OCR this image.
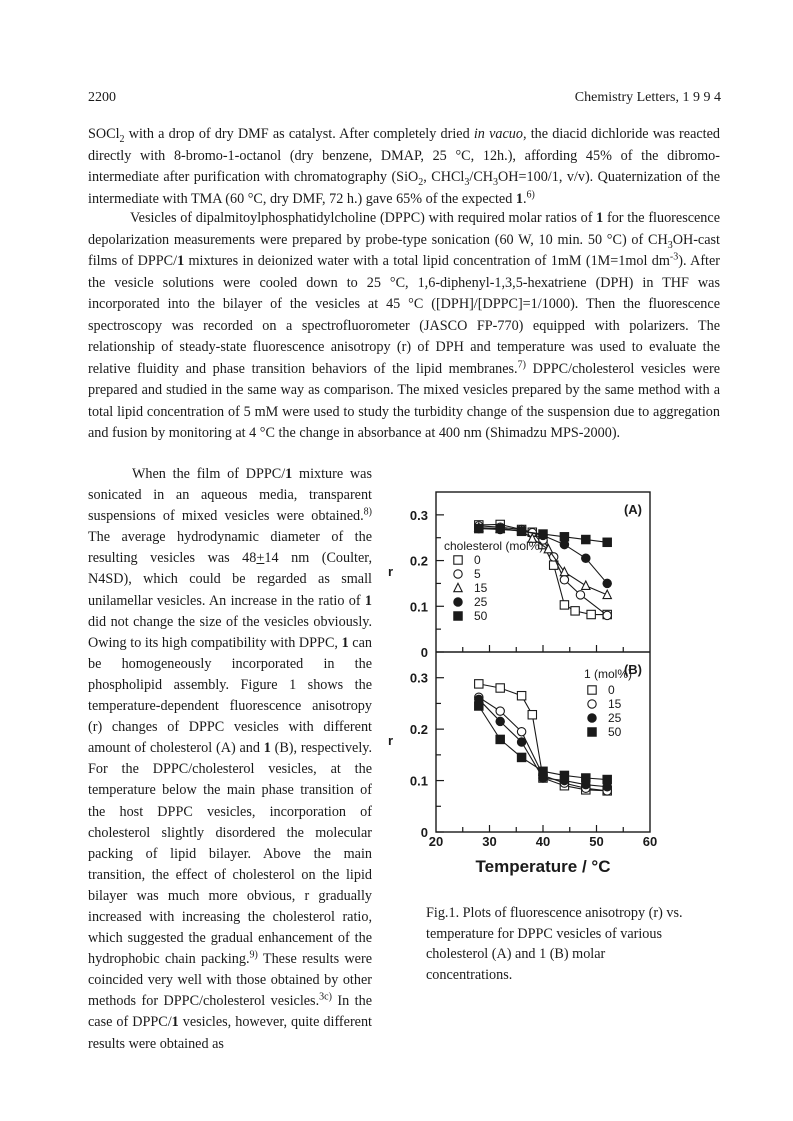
2200	Chemistry Letters, 1 9 9 4

SOCl$_2$ with a drop of dry DMF as catalyst. After completely dried in vacuo, the diacid dichloride was reacted directly with 8-bromo-1-octanol (dry benzene, DMAP, 25 °C, 12h.), affording 45% of the dibromo-intermediate after purification with chromatography (SiO$_2$, $CHCl_3/CH_3OH=100/1$, v/v). Quaternization of the intermediate with TMA (60 °C, dry DMF, 72 h.) gave 65% of the expected 1.$^{6)}$

Vesicles of dipalmitoylphosphatidylcholine (DPPC) with required molar ratios of 1 for the fluorescence depolarization measurements were prepared by probe-type sonication (60 W, 10 min. 50 °C) of $CH_3OH$-cast films of DPPC/1 mixtures in deionized water with a total lipid concentration of 1mM (1M=1mol $dm^{-3}$). After the vesicle solutions were cooled down to 25 °C, 1,6-diphenyl-1,3,5-hexatriene (DPH) in THF was incorporated into the bilayer of the vesicles at 45 °C ([DPH]/[DPPC]=1/1000). Then the fluorescence spectroscopy was recorded on a spectrofluorometer (JASCO FP-770) equipped with polarizers. The relationship of steady-state fluorescence anisotropy (r) of DPH and temperature was used to evaluate the relative fluidity and phase transition behaviors of the lipid membranes.$^{7)}$ DPPC/cholesterol vesicles were prepared and studied in the same way as comparison. The mixed vesicles prepared by the same method with a total lipid concentration of 5 mM were used to study the turbidity change of the suspension due to aggregation and fusion by monitoring at 4 °C the change in absorbance at 400 nm (Shimadzu MPS-2000).

When the film of DPPC/1 mixture was sonicated in an aqueous media, transparent suspensions of mixed vesicles were obtained.$^{8)}$ The average hydrodynamic diameter of the resulting vesicles was 48+14 nm (Coulter, N4SD), which could be regarded as small unilamellar vesicles. An increase in the ratio of 1 did not change the size of the vesicles obviously. Owing to its high compatibility with DPPC, 1 can be homogeneously incorporated in the phospholipid assembly. Figure 1 shows the temperature-dependent fluorescence anisotropy (r) changes of DPPC vesicles with different amount of cholesterol (A) and 1 (B), respectively. For the DPPC/cholesterol vesicles, at the temperature below the main phase transition of the host DPPC vesicles, incorporation of cholesterol slightly disordered the molecular packing of lipid bilayer. Above the main transition, the effect of cholesterol on the lipid bilayer was much more obvious, r gradually increased with increasing the cholesterol ratio, which suggested the gradual enhancement of the hydrophobic chain packing.$^{9)}$ These results were coincided very well with those obtained by other methods for DPPC/cholesterol vesicles.$^{3c)}$ In the case of DPPC/1 vesicles, however, quite different results were obtained as

0
0.1
0.2
0.3
0
0.1
0.2
0.3
20	30	40	50	60
(A)
(B)
r
r
Temperature / °C
cholesterol (mol%)
0
5
15
25
50
1 (mol%)
0
15
25
50

Fig.1. Plots of fluorescence anisotropy (r) vs. temperature for DPPC vesicles of various cholesterol (A) and 1 (B) molar concentrations.
